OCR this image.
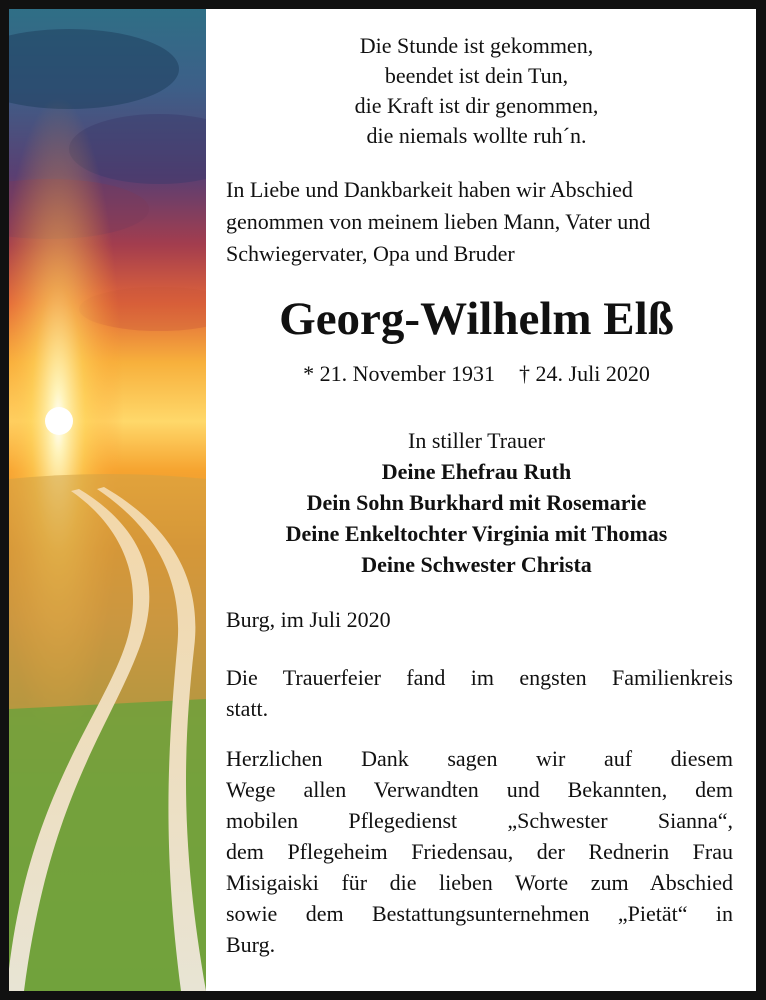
Die Stunde ist gekommen,
beendet ist dein Tun,
die Kraft ist dir genommen,
die niemals wollte ruh´n.
In Liebe und Dankbarkeit haben wir Abschied
genommen von meinem lieben Mann, Vater und
Schwiegervater, Opa und Bruder
Georg-Wilhelm Elß
* 21. November 1931 † 24. Juli 2020
In stiller Trauer
Deine Ehefrau Ruth
Dein Sohn Burkhard mit Rosemarie
Deine Enkeltochter Virginia mit Thomas
Deine Schwester Christa
Burg, im Juli 2020
Die Trauerfeier fand im engsten Familienkreis
statt.
Herzlichen Dank sagen wir auf diesem
Wege allen Verwandten und Bekannten, dem
mobilen Pflegedienst „Schwester Sianna“,
dem Pflegeheim Friedensau, der Rednerin Frau
Misigaiski für die lieben Worte zum Abschied
sowie dem Bestattungsunternehmen „Pietät“ in
Burg.
